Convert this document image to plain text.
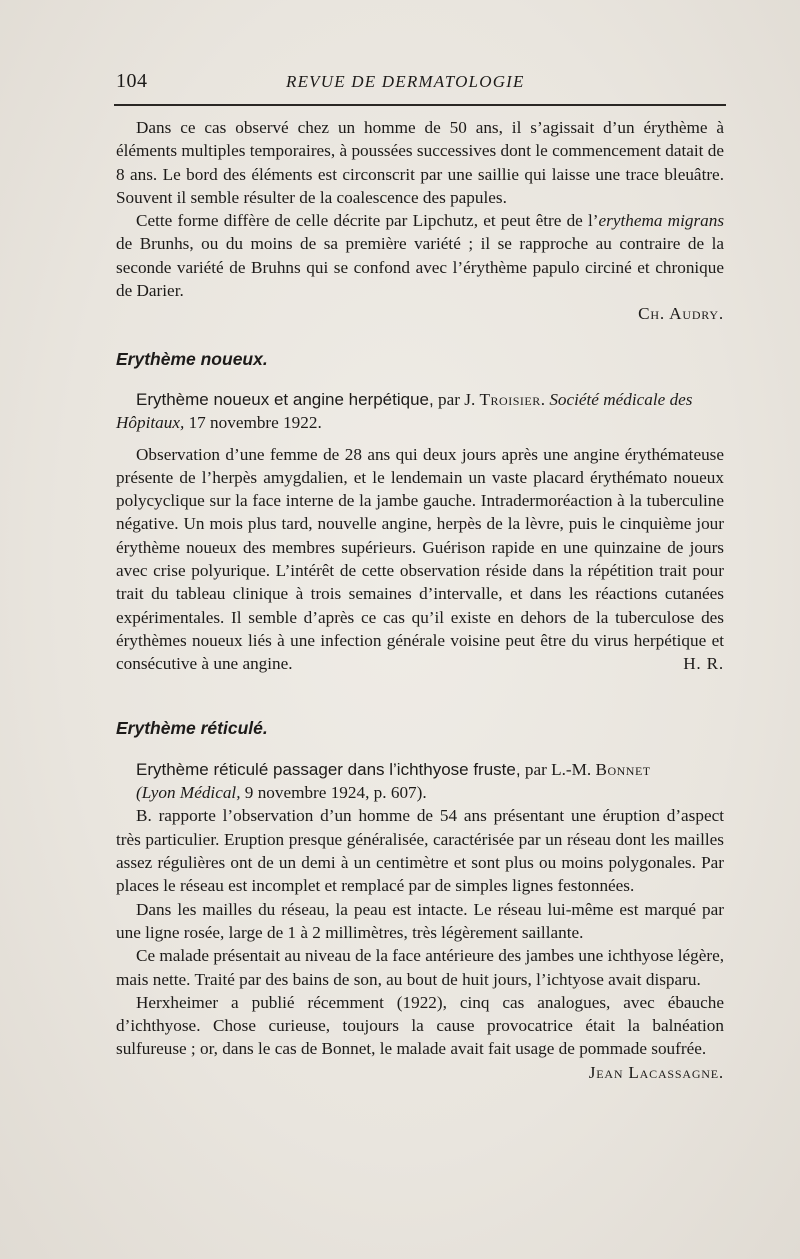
104	REVUE DE DERMATOLOGIE

Dans ce cas observé chez un homme de 50 ans, il s’agissait d’un érythème à éléments multiples temporaires, à poussées successives dont le commencement datait de 8 ans. Le bord des éléments est circonscrit par une saillie qui laisse une trace bleuâtre. Souvent il semble résulter de la coalescence des papules.

Cette forme diffère de celle décrite par Lipchutz, et peut être de l’erythema migrans de Brunhs, ou du moins de sa première variété ; il se rapproche au contraire de la seconde variété de Bruhns qui se confond avec l’érythème papulo circiné et chronique de Darier.

Ch. Audry.

Erythème noueux.

Erythème noueux et angine herpétique, par J. Troisier. Société médicale des Hôpitaux, 17 novembre 1922.

Observation d’une femme de 28 ans qui deux jours après une angine érythémateuse présente de l’herpès amygdalien, et le lendemain un vaste placard érythémato noueux polycyclique sur la face interne de la jambe gauche. Intradermoréaction à la tuberculine négative. Un mois plus tard, nouvelle angine, herpès de la lèvre, puis le cinquième jour érythème noueux des membres supérieurs. Guérison rapide en une quinzaine de jours avec crise polyurique. L’intérêt de cette observation réside dans la répétition trait pour trait du tableau clinique à trois semaines d’intervalle, et dans les réactions cutanées expérimentales. Il semble d’après ce cas qu’il existe en dehors de la tuberculose des érythèmes noueux liés à une infection générale voisine peut être du virus herpétique et consécutive à une angine.	H. R.

Erythème réticulé.

Erythème réticulé passager dans l’ichthyose fruste, par L.-M. Bonnet
(Lyon Médical, 9 novembre 1924, p. 607).

B. rapporte l’observation d’un homme de 54 ans présentant une éruption d’aspect très particulier. Eruption presque généralisée, caractérisée par un réseau dont les mailles assez régulières ont de un demi à un centimètre et sont plus ou moins polygonales. Par places le réseau est incomplet et remplacé par de simples lignes festonnées.

Dans les mailles du réseau, la peau est intacte. Le réseau lui-même est marqué par une ligne rosée, large de 1 à 2 millimètres, très légèrement saillante.

Ce malade présentait au niveau de la face antérieure des jambes une ichthyose légère, mais nette. Traité par des bains de son, au bout de huit jours, l’ichtyose avait disparu.

Herxheimer a publié récemment (1922), cinq cas analogues, avec ébauche d’ichthyose. Chose curieuse, toujours la cause provocatrice était la balnéation sulfureuse ; or, dans le cas de Bonnet, le malade avait fait usage de pommade soufrée.
Jean Lacassagne.
